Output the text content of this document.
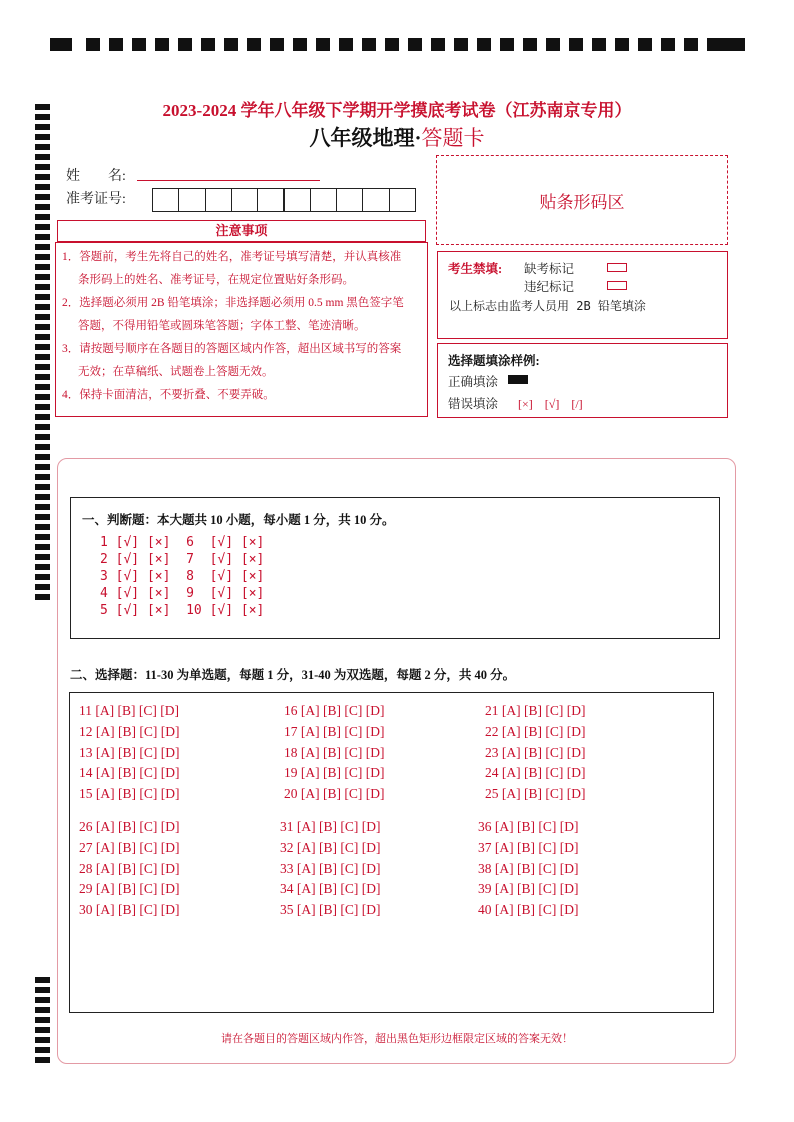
2023-2024 学年八年级下学期开学摸底考试卷（江苏南京专用）
八年级地理·答题卡
姓　　名:
准考证号:	贴条形码区
注意事项
1．答题前，考生先将自己的姓名，准考证号填写清楚，并认真核准
条形码上的姓名、准考证号，在规定位置贴好条形码。
2．选择题必须用 2B 铅笔填涂；非选择题必须用 0.5 mm 黑色签字笔
答题，不得用铅笔或圆珠笔答题；字体工整、笔迹清晰。
3．请按题号顺序在各题目的答题区域内作答，超出区域书写的答案
无效；在草稿纸、试题卷上答题无效。
4．保持卡面清洁，不要折叠、不要弄破。
考生禁填: 缺考标记
违纪标记
以上标志由监考人员用 2B 铅笔填涂
选择题填涂样例:
正确填涂
错误填涂 [×]　[√]　[/]
一、判断题：本大题共 10 小题，每小题 1 分，共 10 分。
1 [√] [×]  6  [√] [×]
2 [√] [×]  7  [√] [×]
3 [√] [×]  8  [√] [×]
4 [√] [×]  9  [√] [×]
5 [√] [×]  10 [√] [×]
二、选择题：11-30 为单选题，每题 1 分，31-40 为双选题，每题 2 分，共 40 分。
11 [A] [B] [C] [D]
12 [A] [B] [C] [D]
13 [A] [B] [C] [D]
14 [A] [B] [C] [D]
15 [A] [B] [C] [D]
16 [A] [B] [C] [D]
17 [A] [B] [C] [D]
18 [A] [B] [C] [D]
19 [A] [B] [C] [D]
20 [A] [B] [C] [D]
21 [A] [B] [C] [D]
22 [A] [B] [C] [D]
23 [A] [B] [C] [D]
24 [A] [B] [C] [D]
25 [A] [B] [C] [D]
26 [A] [B] [C] [D]
27 [A] [B] [C] [D]
28 [A] [B] [C] [D]
29 [A] [B] [C] [D]
30 [A] [B] [C] [D]
31 [A] [B] [C] [D]
32 [A] [B] [C] [D]
33 [A] [B] [C] [D]
34 [A] [B] [C] [D]
35 [A] [B] [C] [D]
36 [A] [B] [C] [D]
37 [A] [B] [C] [D]
38 [A] [B] [C] [D]
39 [A] [B] [C] [D]
40 [A] [B] [C] [D]
请在各题目的答题区域内作答，超出黑色矩形边框限定区域的答案无效！
